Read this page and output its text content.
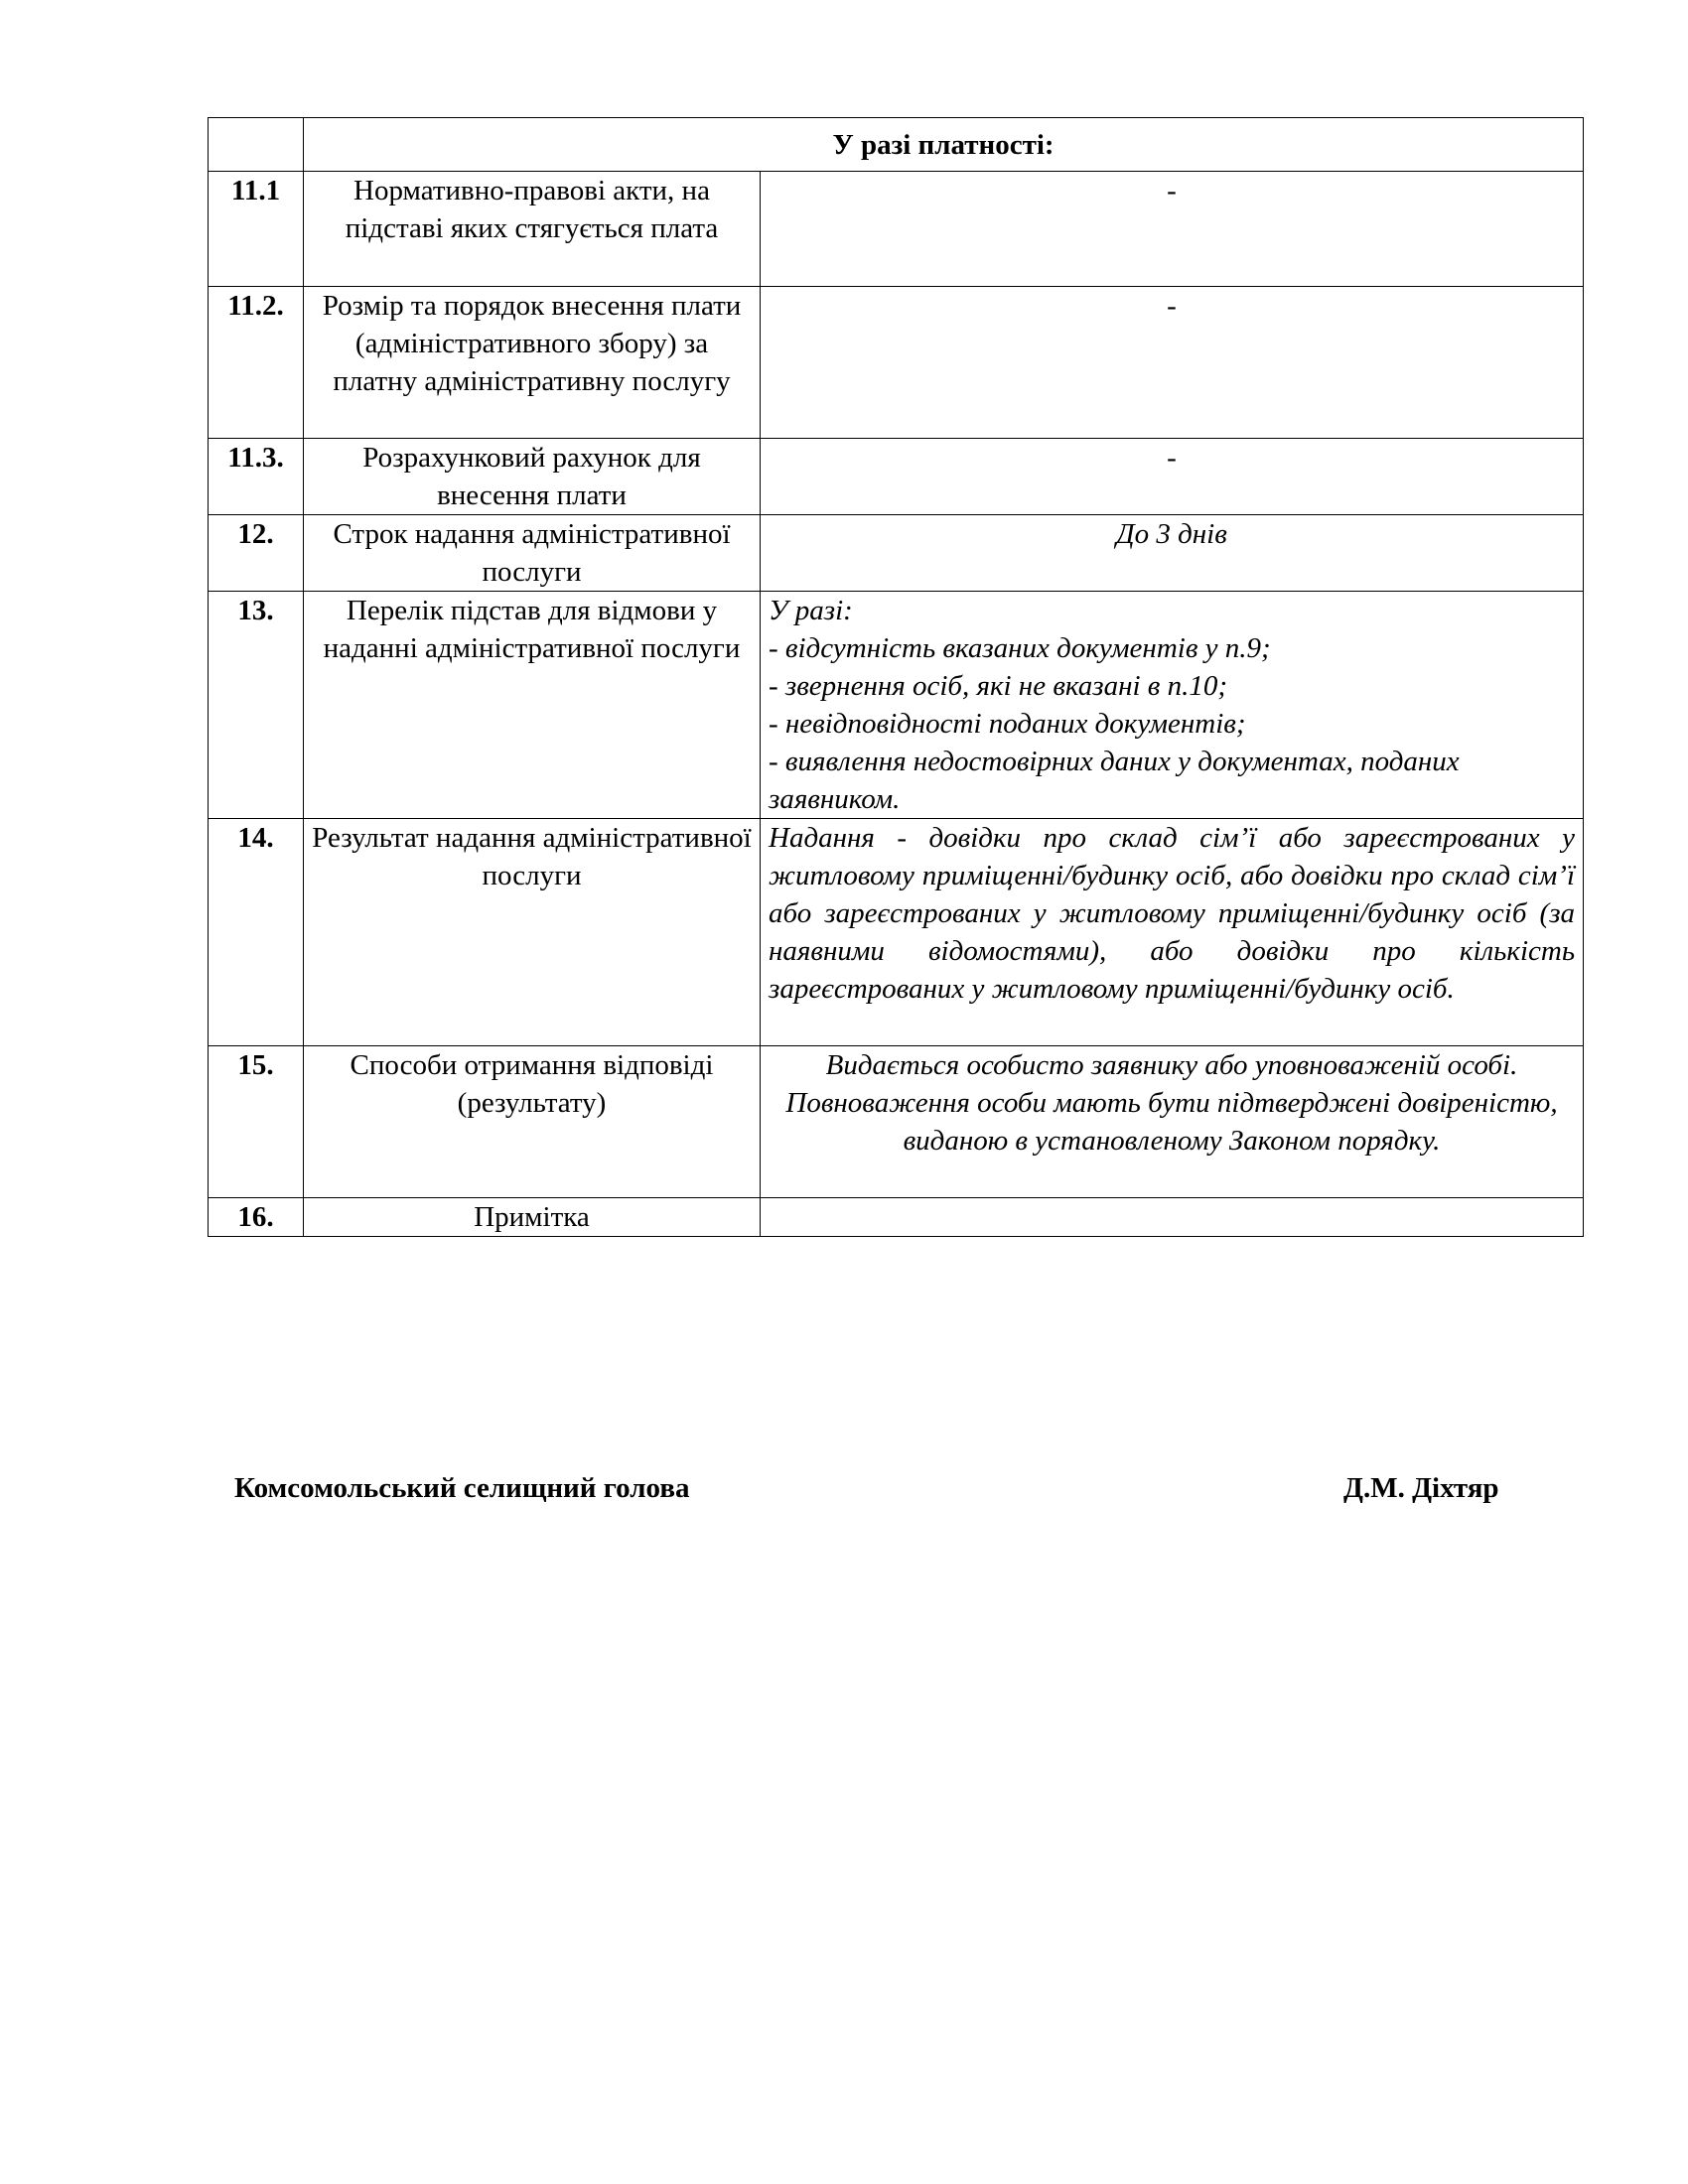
	У разі платності:	
11.1	Нормативно-правові акти, на підставі яких стягується плата	-
11.2.	Розмір та порядок внесення плати (адміністративного збору) за платну адміністративну послугу	-
11.3.	Розрахунковий рахунок для внесення плати	-
12.	Строк надання адміністративної послуги	До 3 днів
13.	Перелік підстав для відмови у наданні адміністративної послуги	У разі:
- відсутність вказаних документів у п.9;
- звернення осіб, які не вказані в п.10;
- невідповідності поданих документів;
- виявлення недостовірних даних у документах, поданих заявником.

14.	Результат надання адміністративної послуги	Надання - довідки про склад сім’ї або зареєстрованих у житловому приміщенні/будинку осіб, або довідки про склад сім’ї або зареєстрованих у житловому приміщенні/будинку осіб (за наявними відомостями), або довідки про кількість зареєстрованих у житловому приміщенні/будинку осіб.
15.	Способи отримання відповіді (результату)	Видається особисто заявнику або уповноваженій особі. Повноваження особи мають бути підтверджені довіреністю, виданою в установленому Законом порядку.
16.	Примітка	
Комсомольський селищний голова	Д.М. Діхтяр
